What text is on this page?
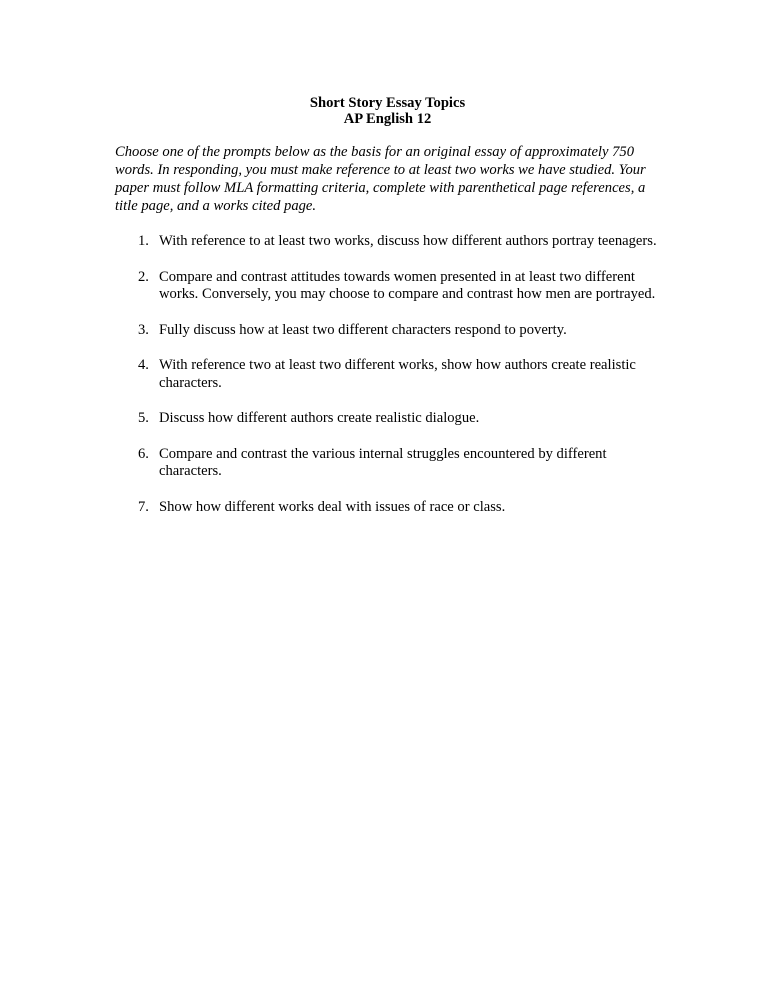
Short Story Essay Topics

AP English 12

Choose one of the prompts below as the basis for an original essay of approximately 750 words. In responding, you must make reference to at least two works we have studied. Your paper must follow MLA formatting criteria, complete with parenthetical page references, a title page, and a works cited page.

1. With reference to at least two works, discuss how different authors portray teenagers.
2. Compare and contrast attitudes towards women presented in at least two different works. Conversely, you may choose to compare and contrast how men are portrayed.
3. Fully discuss how at least two different characters respond to poverty.
4. With reference two at least two different works, show how authors create realistic characters.
5. Discuss how different authors create realistic dialogue.
6. Compare and contrast the various internal struggles encountered by different characters.
7. Show how different works deal with issues of race or class.
